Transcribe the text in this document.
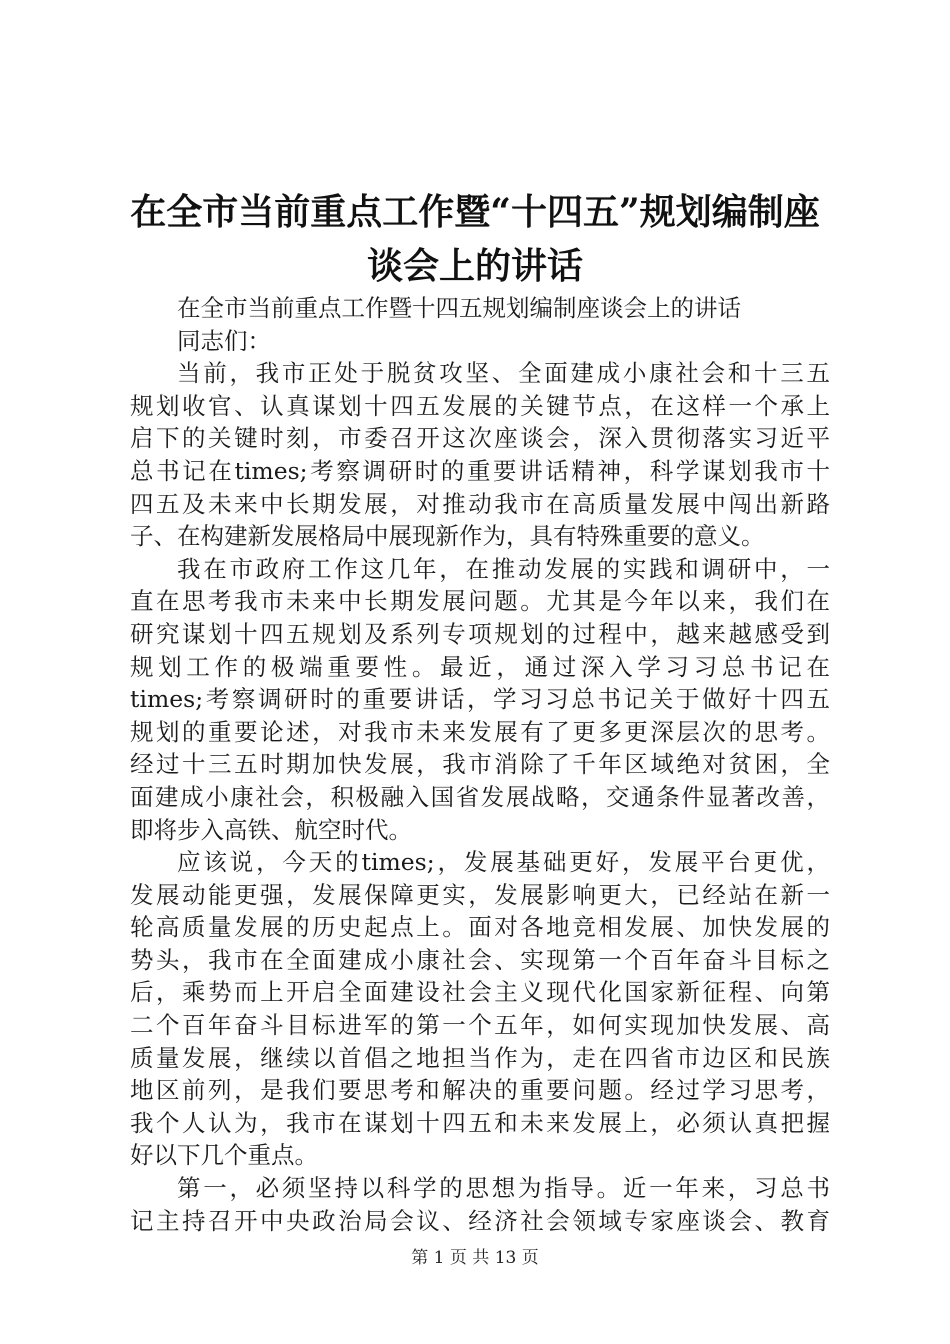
在全市当前重点工作暨“十四五”规划编制座
谈会上的讲话
在全市当前重点工作暨十四五规划编制座谈会上的讲话
同志们：
当前，我市正处于脱贫攻坚、全面建成小康社会和十三五
规划收官、认真谋划十四五发展的关键节点，在这样一个承上
启下的关键时刻，市委召开这次座谈会，深入贯彻落实习近平
总书记在times;考察调研时的重要讲话精神，科学谋划我市十
四五及未来中长期发展，对推动我市在高质量发展中闯出新路
子、在构建新发展格局中展现新作为，具有特殊重要的意义。
我在市政府工作这几年，在推动发展的实践和调研中，一
直在思考我市未来中长期发展问题。尤其是今年以来，我们在
研究谋划十四五规划及系列专项规划的过程中，越来越感受到
规划工作的极端重要性。最近，通过深入学习习总书记在
times;考察调研时的重要讲话，学习习总书记关于做好十四五
规划的重要论述，对我市未来发展有了更多更深层次的思考。
经过十三五时期加快发展，我市消除了千年区域绝对贫困，全
面建成小康社会，积极融入国省发展战略，交通条件显著改善，
即将步入高铁、航空时代。
应该说，今天的times;，发展基础更好，发展平台更优，
发展动能更强，发展保障更实，发展影响更大，已经站在新一
轮高质量发展的历史起点上。面对各地竞相发展、加快发展的
势头，我市在全面建成小康社会、实现第一个百年奋斗目标之
后，乘势而上开启全面建设社会主义现代化国家新征程、向第
二个百年奋斗目标进军的第一个五年，如何实现加快发展、高
质量发展，继续以首倡之地担当作为，走在四省市边区和民族
地区前列，是我们要思考和解决的重要问题。经过学习思考，
我个人认为，我市在谋划十四五和未来发展上，必须认真把握
好以下几个重点。
第一，必须坚持以科学的思想为指导。近一年来，习总书
记主持召开中央政治局会议、经济社会领域专家座谈会、教育
第 1 页 共 13 页
